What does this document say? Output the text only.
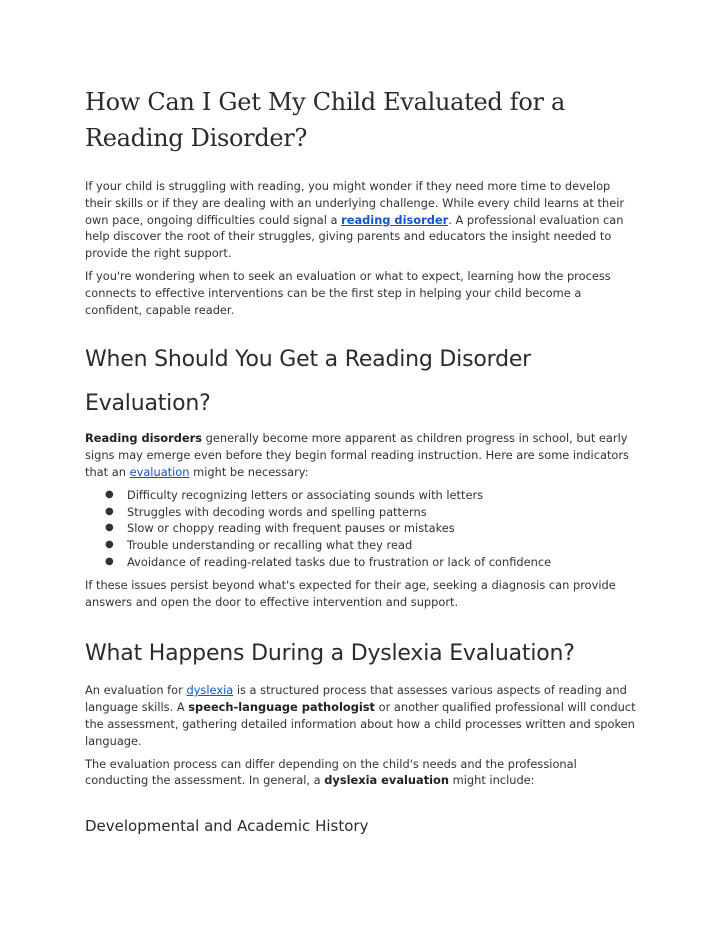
How Can I Get My Child Evaluated for a Reading Disorder?

If your child is struggling with reading, you might wonder if they need more time to develop their skills or if they are dealing with an underlying challenge. While every child learns at their own pace, ongoing difficulties could signal a reading disorder. A professional evaluation can help discover the root of their struggles, giving parents and educators the insight needed to provide the right support.

If you're wondering when to seek an evaluation or what to expect, learning how the process connects to effective interventions can be the first step in helping your child become a confident, capable reader.

When Should You Get a Reading Disorder Evaluation?

Reading disorders generally become more apparent as children progress in school, but early signs may emerge even before they begin formal reading instruction. Here are some indicators that an evaluation might be necessary:

● Difficulty recognizing letters or associating sounds with letters
● Struggles with decoding words and spelling patterns
● Slow or choppy reading with frequent pauses or mistakes
● Trouble understanding or recalling what they read
● Avoidance of reading-related tasks due to frustration or lack of confidence

If these issues persist beyond what's expected for their age, seeking a diagnosis can provide answers and open the door to effective intervention and support.

What Happens During a Dyslexia Evaluation?

An evaluation for dyslexia is a structured process that assesses various aspects of reading and language skills. A speech-language pathologist or another qualified professional will conduct the assessment, gathering detailed information about how a child processes written and spoken language.

The evaluation process can differ depending on the child's needs and the professional conducting the assessment. In general, a dyslexia evaluation might include:

Developmental and Academic History
